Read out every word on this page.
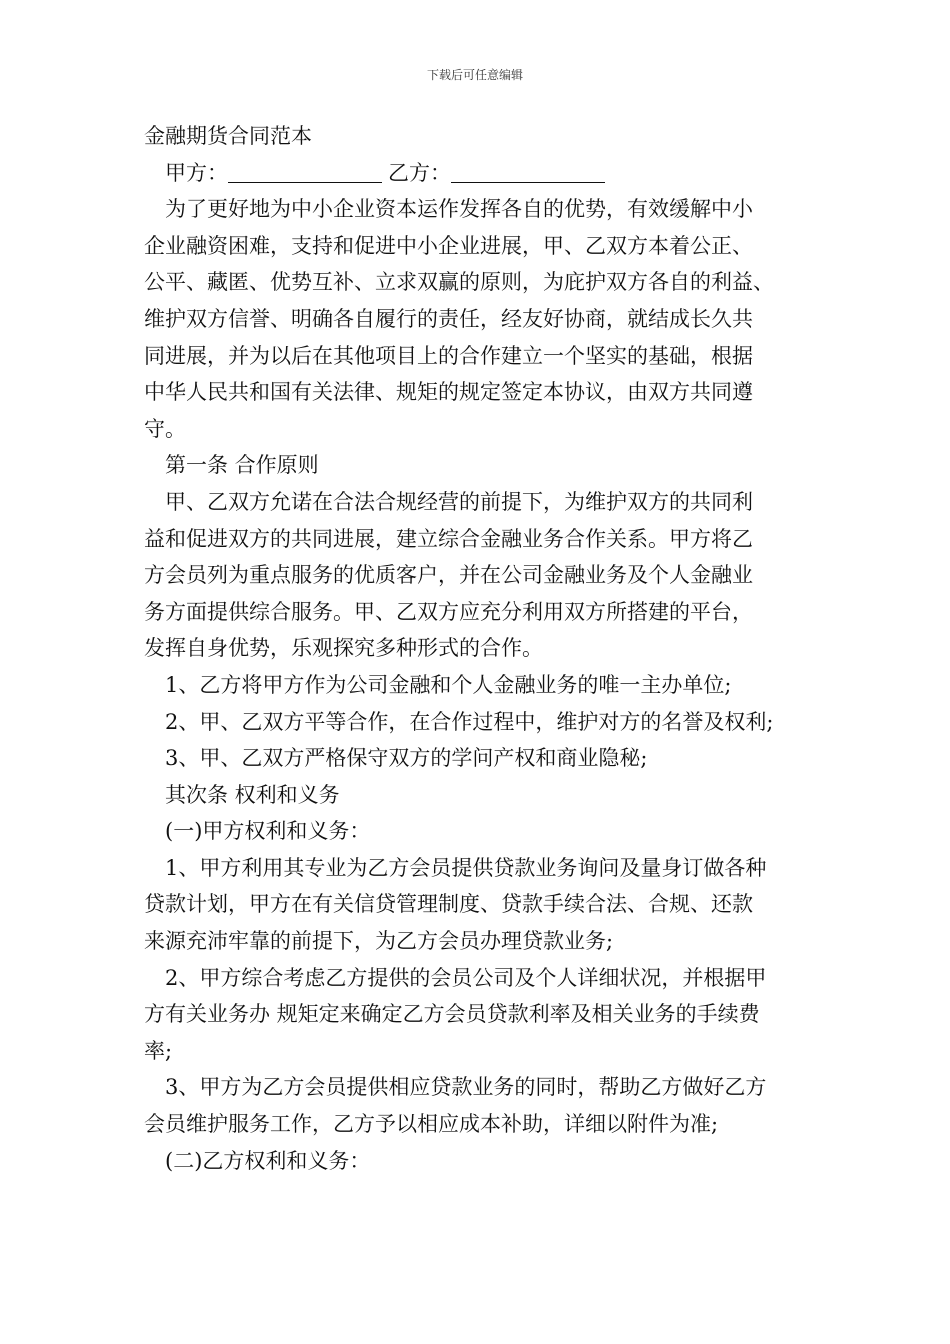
下载后可任意编辑

金融期货合同范本

甲方：	乙方：

为了更好地为中小企业资本运作发挥各自的优势，有效缓解中小

企业融资困难，支持和促进中小企业进展，甲、乙双方本着公正、

公平、藏匿、优势互补、立求双赢的原则，为庇护双方各自的利益、

维护双方信誉、明确各自履行的责任，经友好协商，就结成长久共

同进展，并为以后在其他项目上的合作建立一个坚实的基础，根据

中华人民共和国有关法律、规矩的规定签定本协议，由双方共同遵

守。

第一条 合作原则

甲、乙双方允诺在合法合规经营的前提下，为维护双方的共同利

益和促进双方的共同进展，建立综合金融业务合作关系。甲方将乙

方会员列为重点服务的优质客户，并在公司金融业务及个人金融业

务方面提供综合服务。甲、乙双方应充分利用双方所搭建的平台，

发挥自身优势，乐观探究多种形式的合作。

1、乙方将甲方作为公司金融和个人金融业务的唯一主办单位;

2、甲、乙双方平等合作，在合作过程中，维护对方的名誉及权利;

3、甲、乙双方严格保守双方的学问产权和商业隐秘;

其次条 权利和义务

(一)甲方权利和义务：

1、甲方利用其专业为乙方会员提供贷款业务询问及量身订做各种

贷款计划，甲方在有关信贷管理制度、贷款手续合法、合规、还款

来源充沛牢靠的前提下，为乙方会员办理贷款业务;

2、甲方综合考虑乙方提供的会员公司及个人详细状况，并根据甲

方有关业务办 规矩定来确定乙方会员贷款利率及相关业务的手续费

率;

3、甲方为乙方会员提供相应贷款业务的同时，帮助乙方做好乙方

会员维护服务工作，乙方予以相应成本补助，详细以附件为准;

(二)乙方权利和义务：
